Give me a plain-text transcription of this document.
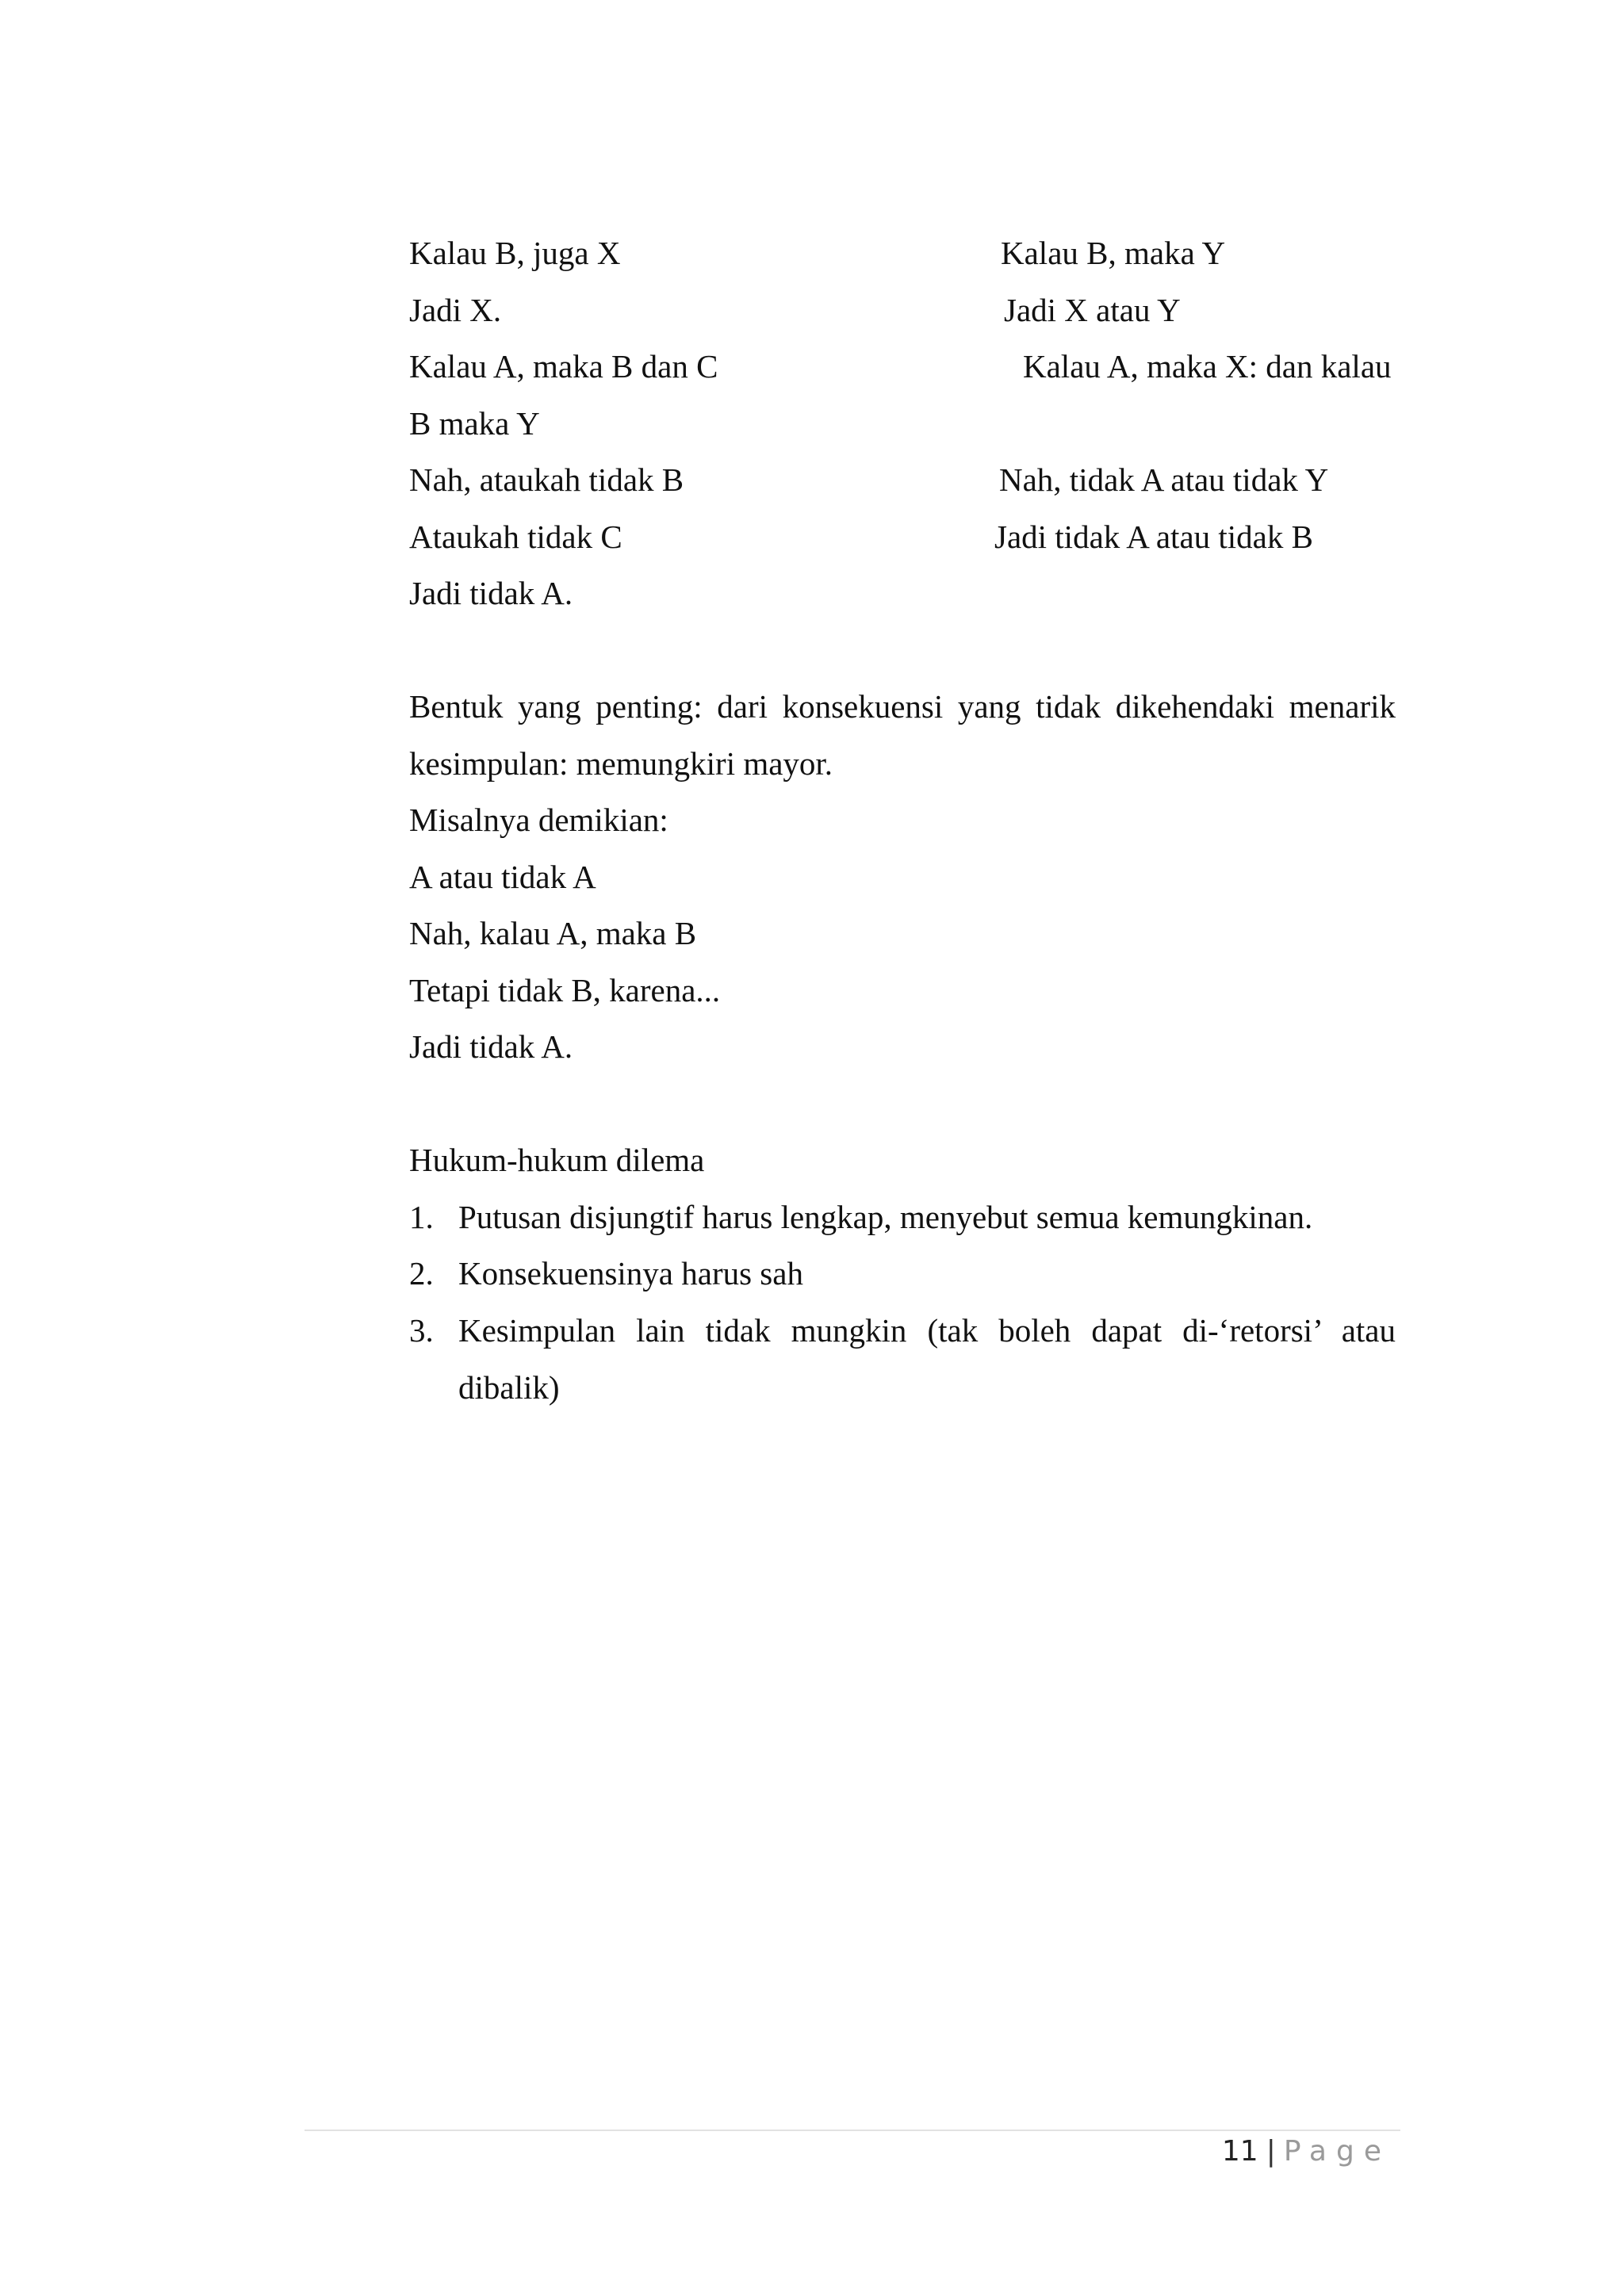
Kalau B, juga X	Kalau B, maka Y
Jadi X.	Jadi X atau Y
Kalau A, maka B dan C	Kalau A, maka X: dan kalau
B maka Y
Nah, ataukah tidak B	Nah, tidak A atau tidak Y
Ataukah tidak C	Jadi tidak A atau tidak B
Jadi tidak A.
Bentuk yang penting: dari konsekuensi yang tidak dikehendaki menarik
kesimpulan: memungkiri mayor.
Misalnya demikian:
A atau tidak A
Nah, kalau A, maka B
Tetapi tidak B, karena...
Jadi tidak A.
Hukum-hukum dilema
1. Putusan disjungtif harus lengkap, menyebut semua kemungkinan.
2. Konsekuensinya harus sah
3. Kesimpulan lain tidak mungkin (tak boleh dapat di-‘retorsi’ atau dibalik)
11 | Page
